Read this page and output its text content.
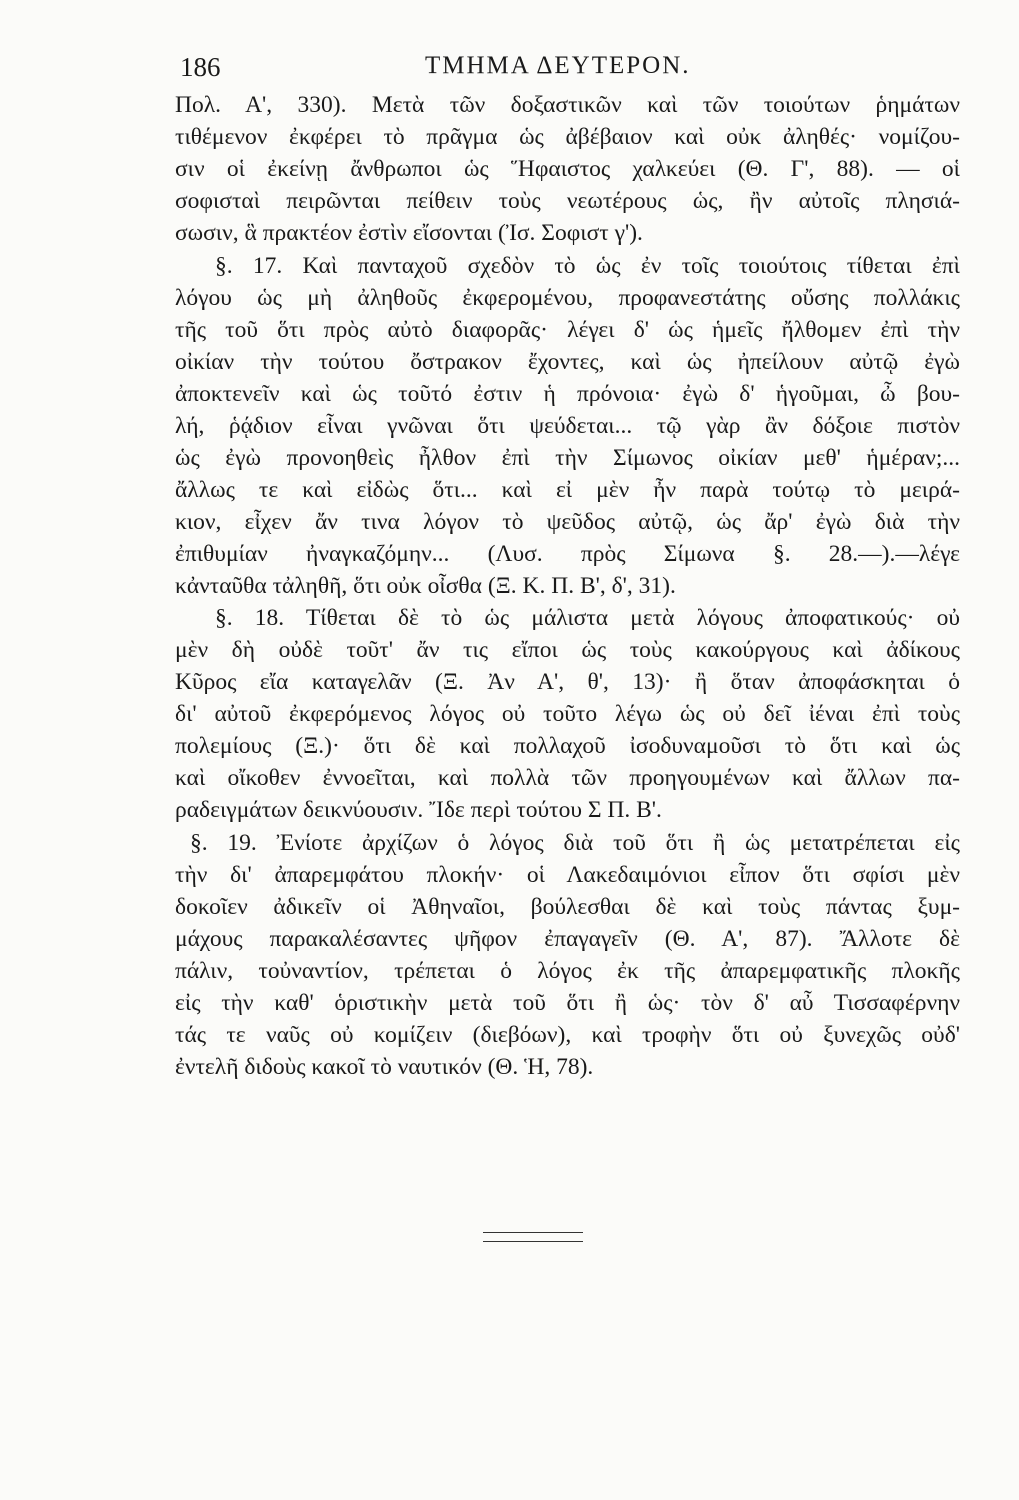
186	ΤΜΗΜΑ ΔΕΥΤΕΡΟΝ.
Πολ. Α', 330). Μετὰ τῶν δοξαστικῶν καὶ τῶν τοιούτων ῥημάτων
τιθέμενον ἐκφέρει τὸ πρᾶγμα ὡς ἀβέβαιον καὶ οὐκ ἀληθές· νομίζου-
σιν οἱ ἐκείνῃ ἄνθρωποι ὡς Ἥφαιστος χαλκεύει (Θ. Γ', 88). — οἱ
σοφισταὶ πειρῶνται πείθειν τοὺς νεωτέρους ὡς, ἢν αὐτοῖς πλησιά-
σωσιν, ἃ πρακτέον ἐστὶν εἴσονται (Ἰσ. Σοφιστ γ').
§. 17. Καὶ πανταχοῦ σχεδὸν τὸ ὡς ἐν τοῖς τοιούτοις τίθεται ἐπὶ
λόγου ὡς μὴ ἀληθοῦς ἐκφερομένου, προφανεστάτης οὔσης πολλάκις
τῆς τοῦ ὅτι πρὸς αὐτὸ διαφορᾶς· λέγει δ' ὡς ἡμεῖς ἤλθομεν ἐπὶ τὴν
οἰκίαν τὴν τούτου ὄστρακον ἔχοντες, καὶ ὡς ἠπείλουν αὐτῷ ἐγὼ
ἀποκτενεῖν καὶ ὡς τοῦτό ἐστιν ἡ πρόνοια· ἐγὼ δ' ἡγοῦμαι, ὦ βου-
λή, ῥᾴδιον εἶναι γνῶναι ὅτι ψεύδεται... τῷ γὰρ ἂν δόξοιε πιστὸν
ὡς ἐγὼ προνοηθεὶς ἦλθον ἐπὶ τὴν Σίμωνος οἰκίαν μεθ' ἡμέραν;...
ἄλλως τε καὶ εἰδὼς ὅτι... καὶ εἰ μὲν ἦν παρὰ τούτῳ τὸ μειρά-
κιον, εἶχεν ἄν τινα λόγον τὸ ψεῦδος αὐτῷ, ὡς ἄρ' ἐγὼ διὰ τὴν
ἐπιθυμίαν ἠναγκαζόμην... (Λυσ. πρὸς Σίμωνα §. 28.—).—λέγε
κἀνταῦθα τἀληθῆ, ὅτι οὐκ οἶσθα (Ξ. Κ. Π. Β', δ', 31).
§. 18. Τίθεται δὲ τὸ ὡς μάλιστα μετὰ λόγους ἀποφατικούς· οὐ
μὲν δὴ οὐδὲ τοῦτ' ἄν τις εἴποι ὡς τοὺς κακούργους καὶ ἀδίκους
Κῦρος εἴα καταγελᾶν (Ξ. Ἀν Α', θ', 13)· ἢ ὅταν ἀποφάσκηται ὁ
δι' αὐτοῦ ἐκφερόμενος λόγος οὐ τοῦτο λέγω ὡς οὐ δεῖ ἰέναι ἐπὶ τοὺς
πολεμίους (Ξ.)· ὅτι δὲ καὶ πολλαχοῦ ἰσοδυναμοῦσι τὸ ὅτι καὶ ὡς
καὶ οἴκοθεν ἐννοεῖται, καὶ πολλὰ τῶν προηγουμένων καὶ ἄλλων πα-
ραδειγμάτων δεικνύουσιν. Ἴδε περὶ τούτου Σ Π. Β'.
§. 19. Ἐνίοτε ἀρχίζων ὁ λόγος διὰ τοῦ ὅτι ἢ ὡς μετατρέπεται εἰς
τὴν δι' ἀπαρεμφάτου πλοκήν· οἱ Λακεδαιμόνιοι εἶπον ὅτι σφίσι μὲν
δοκοῖεν ἀδικεῖν οἱ Ἀθηναῖοι, βούλεσθαι δὲ καὶ τοὺς πάντας ξυμ-
μάχους παρακαλέσαντες ψῆφον ἐπαγαγεῖν (Θ. Α', 87). Ἄλλοτε δὲ
πάλιν, τοὐναντίον, τρέπεται ὁ λόγος ἐκ τῆς ἀπαρεμφατικῆς πλοκῆς
εἰς τὴν καθ' ὁριστικὴν μετὰ τοῦ ὅτι ἢ ὡς· τὸν δ' αὖ Τισσαφέρνην
τάς τε ναῦς οὐ κομίζειν (διεβόων), καὶ τροφὴν ὅτι οὐ ξυνεχῶς οὐδ'
ἐντελῆ διδοὺς κακοῖ τὸ ναυτικόν (Θ. Ἡ, 78).
